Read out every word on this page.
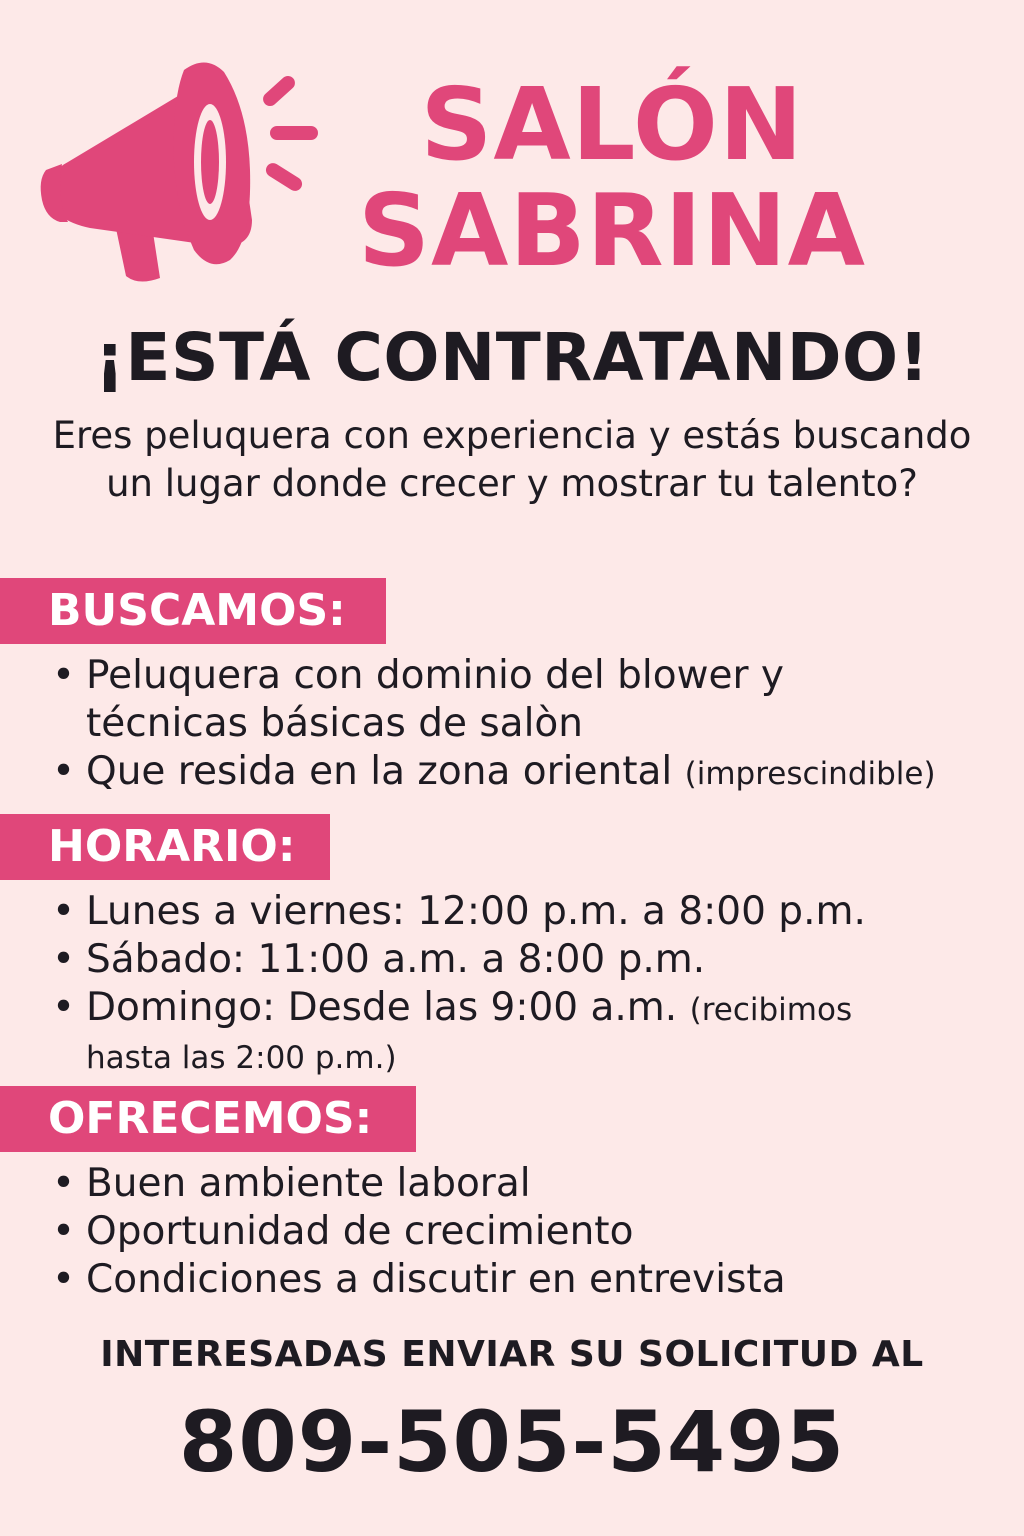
SALÓN
SABRINA
¡ESTÁ CONTRATANDO!
Eres peluquera con experiencia y estás buscando un lugar donde crecer y mostrar tu talento?
BUSCAMOS:
• Peluquera con dominio del blower y técnicas básicas de salòn
• Que resida en la zona oriental (imprescindible)
HORARIO:
• Lunes a viernes: 12:00 p.m. a 8:00 p.m.
• Sábado: 11:00 a.m. a 8:00 p.m.
• Domingo: Desde las 9:00 a.m. (recibimos hasta las 2:00 p.m.)
OFRECEMOS:
• Buen ambiente laboral
• Oportunidad de crecimiento
• Condiciones a discutir en entrevista
INTERESADAS ENVIAR SU SOLICITUD AL
809-505-5495
